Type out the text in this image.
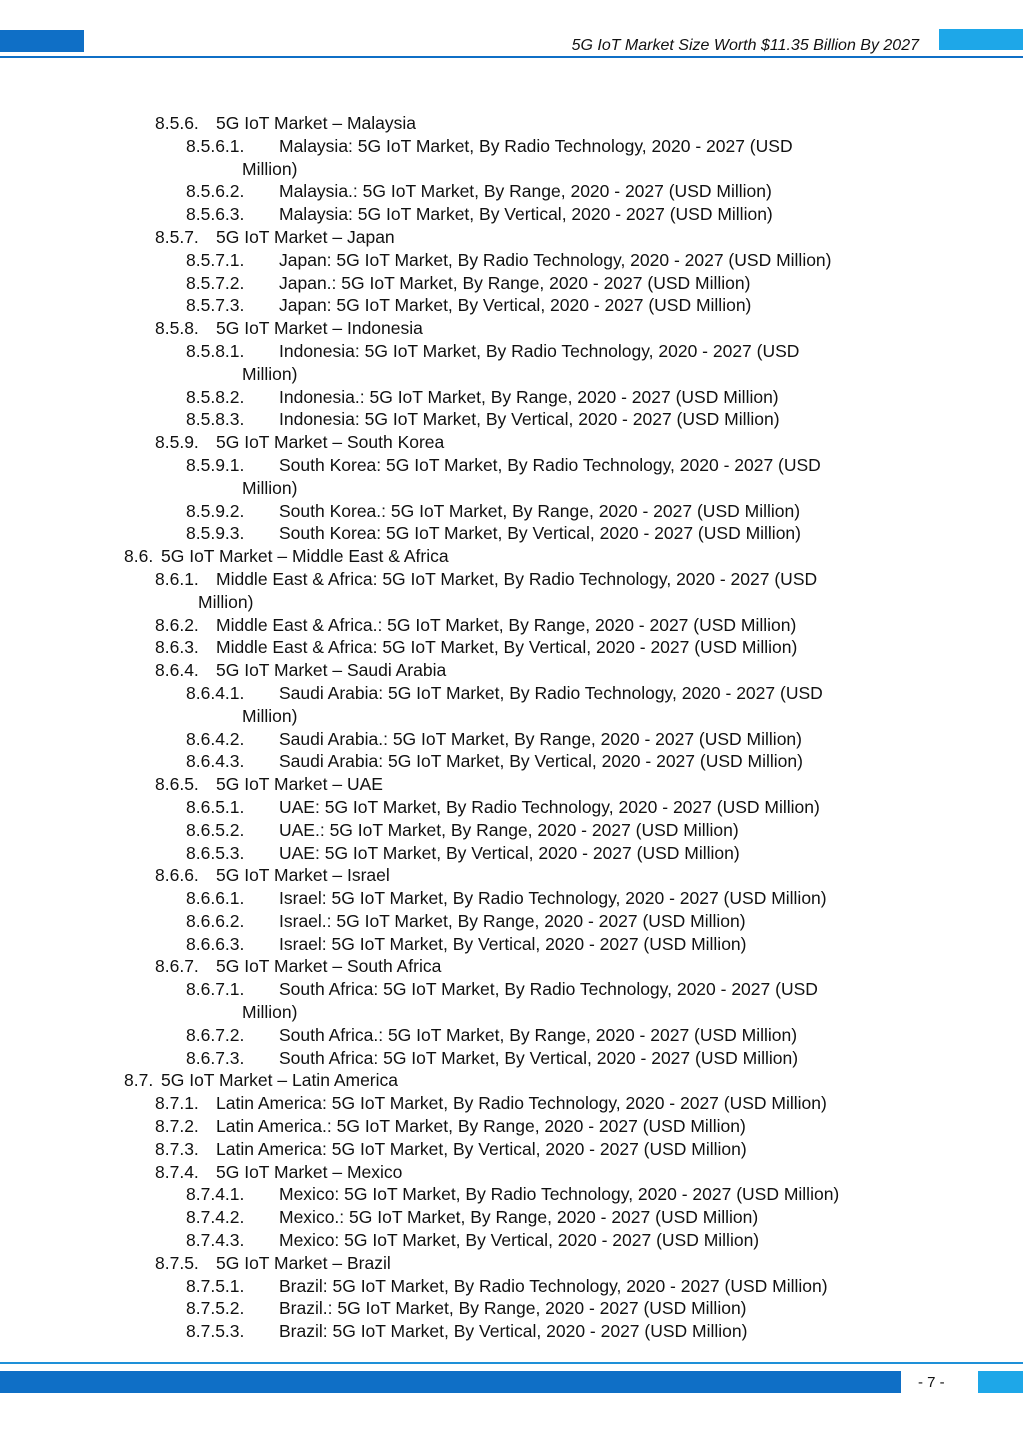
5G IoT Market Size Worth $11.35 Billion By 2027
8.5.6. 5G IoT Market – Malaysia
8.5.6.1. Malaysia: 5G IoT Market, By Radio Technology, 2020 - 2027 (USD
Million)
8.5.6.2. Malaysia.: 5G IoT Market, By Range, 2020 - 2027 (USD Million)
8.5.6.3. Malaysia: 5G IoT Market, By Vertical, 2020 - 2027 (USD Million)
8.5.7. 5G IoT Market – Japan
8.5.7.1. Japan: 5G IoT Market, By Radio Technology, 2020 - 2027 (USD Million)
8.5.7.2. Japan.: 5G IoT Market, By Range, 2020 - 2027 (USD Million)
8.5.7.3. Japan: 5G IoT Market, By Vertical, 2020 - 2027 (USD Million)
8.5.8. 5G IoT Market – Indonesia
8.5.8.1. Indonesia: 5G IoT Market, By Radio Technology, 2020 - 2027 (USD
Million)
8.5.8.2. Indonesia.: 5G IoT Market, By Range, 2020 - 2027 (USD Million)
8.5.8.3. Indonesia: 5G IoT Market, By Vertical, 2020 - 2027 (USD Million)
8.5.9. 5G IoT Market – South Korea
8.5.9.1. South Korea: 5G IoT Market, By Radio Technology, 2020 - 2027 (USD
Million)
8.5.9.2. South Korea.: 5G IoT Market, By Range, 2020 - 2027 (USD Million)
8.5.9.3. South Korea: 5G IoT Market, By Vertical, 2020 - 2027 (USD Million)
8.6. 5G IoT Market – Middle East & Africa
8.6.1. Middle East & Africa: 5G IoT Market, By Radio Technology, 2020 - 2027 (USD
Million)
8.6.2. Middle East & Africa.: 5G IoT Market, By Range, 2020 - 2027 (USD Million)
8.6.3. Middle East & Africa: 5G IoT Market, By Vertical, 2020 - 2027 (USD Million)
8.6.4. 5G IoT Market – Saudi Arabia
8.6.4.1. Saudi Arabia: 5G IoT Market, By Radio Technology, 2020 - 2027 (USD
Million)
8.6.4.2. Saudi Arabia.: 5G IoT Market, By Range, 2020 - 2027 (USD Million)
8.6.4.3. Saudi Arabia: 5G IoT Market, By Vertical, 2020 - 2027 (USD Million)
8.6.5. 5G IoT Market – UAE
8.6.5.1. UAE: 5G IoT Market, By Radio Technology, 2020 - 2027 (USD Million)
8.6.5.2. UAE.: 5G IoT Market, By Range, 2020 - 2027 (USD Million)
8.6.5.3. UAE: 5G IoT Market, By Vertical, 2020 - 2027 (USD Million)
8.6.6. 5G IoT Market – Israel
8.6.6.1. Israel: 5G IoT Market, By Radio Technology, 2020 - 2027 (USD Million)
8.6.6.2. Israel.: 5G IoT Market, By Range, 2020 - 2027 (USD Million)
8.6.6.3. Israel: 5G IoT Market, By Vertical, 2020 - 2027 (USD Million)
8.6.7. 5G IoT Market – South Africa
8.6.7.1. South Africa: 5G IoT Market, By Radio Technology, 2020 - 2027 (USD
Million)
8.6.7.2. South Africa.: 5G IoT Market, By Range, 2020 - 2027 (USD Million)
8.6.7.3. South Africa: 5G IoT Market, By Vertical, 2020 - 2027 (USD Million)
8.7. 5G IoT Market – Latin America
8.7.1. Latin America: 5G IoT Market, By Radio Technology, 2020 - 2027 (USD Million)
8.7.2. Latin America.: 5G IoT Market, By Range, 2020 - 2027 (USD Million)
8.7.3. Latin America: 5G IoT Market, By Vertical, 2020 - 2027 (USD Million)
8.7.4. 5G IoT Market – Mexico
8.7.4.1. Mexico: 5G IoT Market, By Radio Technology, 2020 - 2027 (USD Million)
8.7.4.2. Mexico.: 5G IoT Market, By Range, 2020 - 2027 (USD Million)
8.7.4.3. Mexico: 5G IoT Market, By Vertical, 2020 - 2027 (USD Million)
8.7.5. 5G IoT Market – Brazil
8.7.5.1. Brazil: 5G IoT Market, By Radio Technology, 2020 - 2027 (USD Million)
8.7.5.2. Brazil.: 5G IoT Market, By Range, 2020 - 2027 (USD Million)
8.7.5.3. Brazil: 5G IoT Market, By Vertical, 2020 - 2027 (USD Million)
- 7 -
